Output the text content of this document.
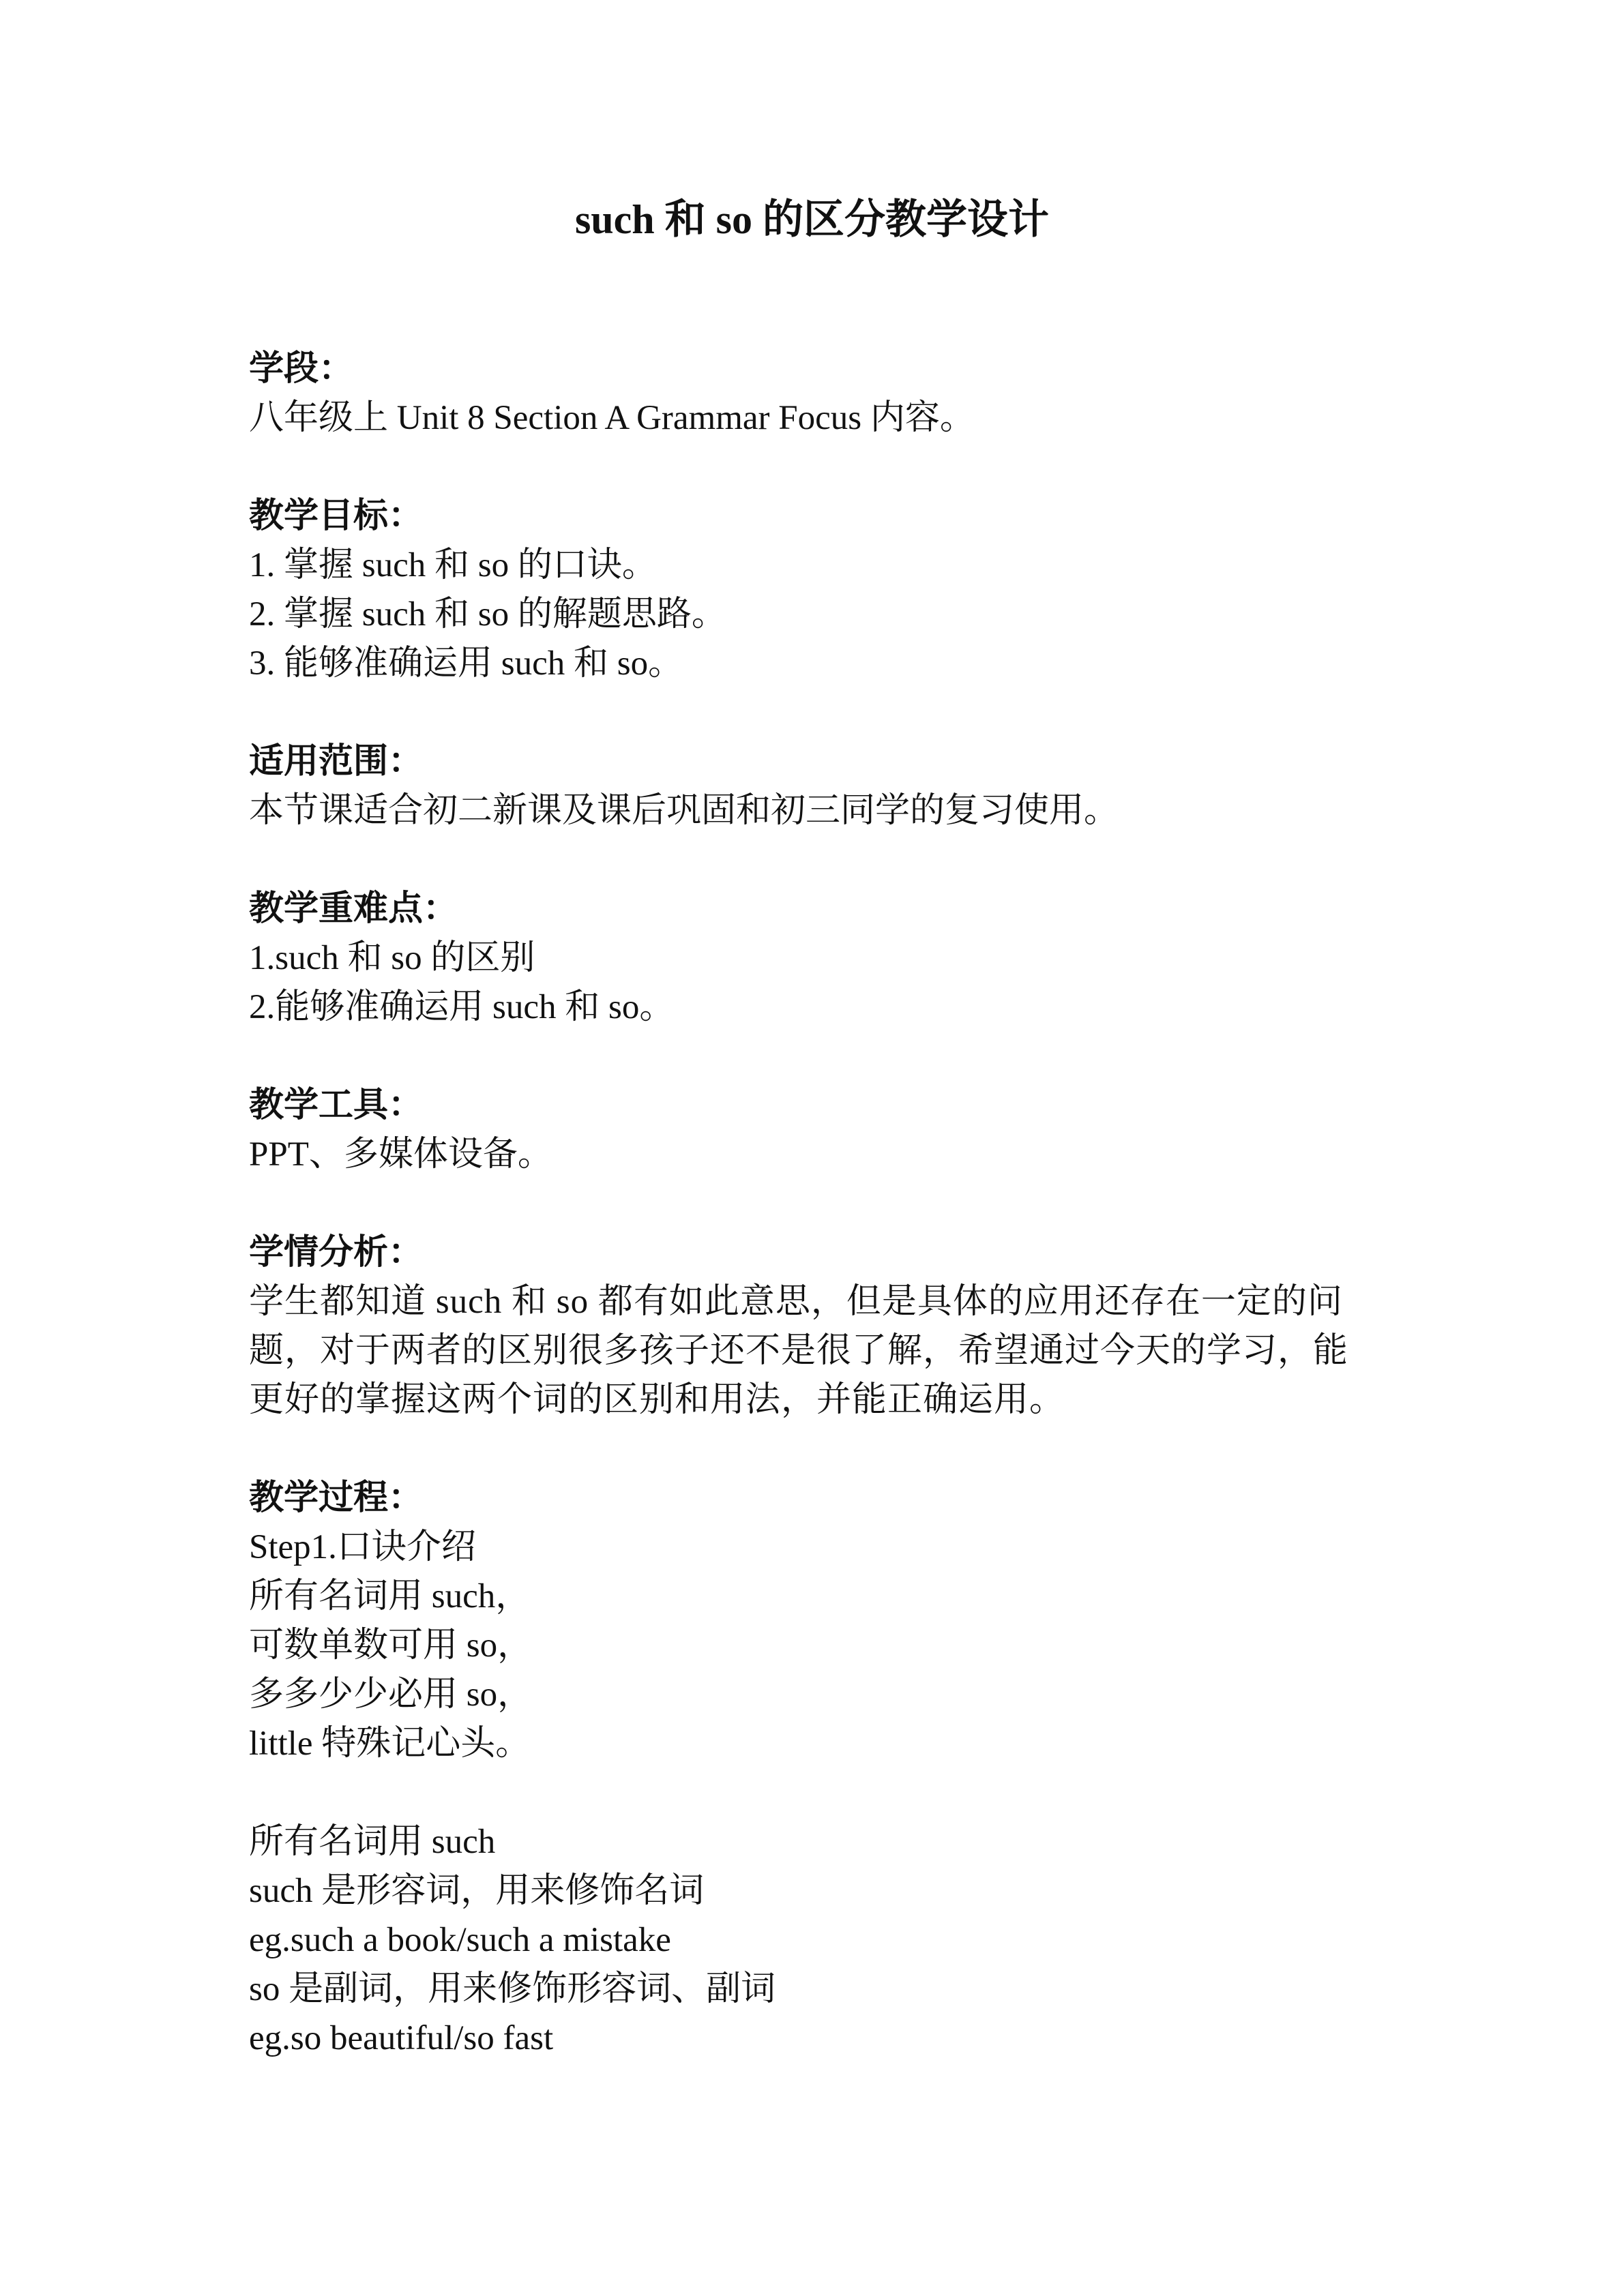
such 和 so 的区分教学设计

学段：

八年级上 Unit 8 Section A Grammar Focus 内容。

教学目标：

1. 掌握 such 和 so 的口诀。

2. 掌握 such 和 so 的解题思路。

3. 能够准确运用 such 和 so。

适用范围：

本节课适合初二新课及课后巩固和初三同学的复习使用。

教学重难点：

1.such 和 so 的区别

2.能够准确运用 such 和 so。

教学工具：

PPT、多媒体设备。

学情分析：

学生都知道 such 和 so 都有如此意思，但是具体的应用还存在一定的问题，对于两者的区别很多孩子还不是很了解，希望通过今天的学习，能更好的掌握这两个词的区别和用法，并能正确运用。

教学过程：

Step1.口诀介绍

所有名词用 such，

可数单数可用 so，

多多少少必用 so，

little 特殊记心头。

所有名词用 such

such 是形容词，用来修饰名词

eg.such a book/such a mistake

so 是副词，用来修饰形容词、副词

eg.so beautiful/so fast
